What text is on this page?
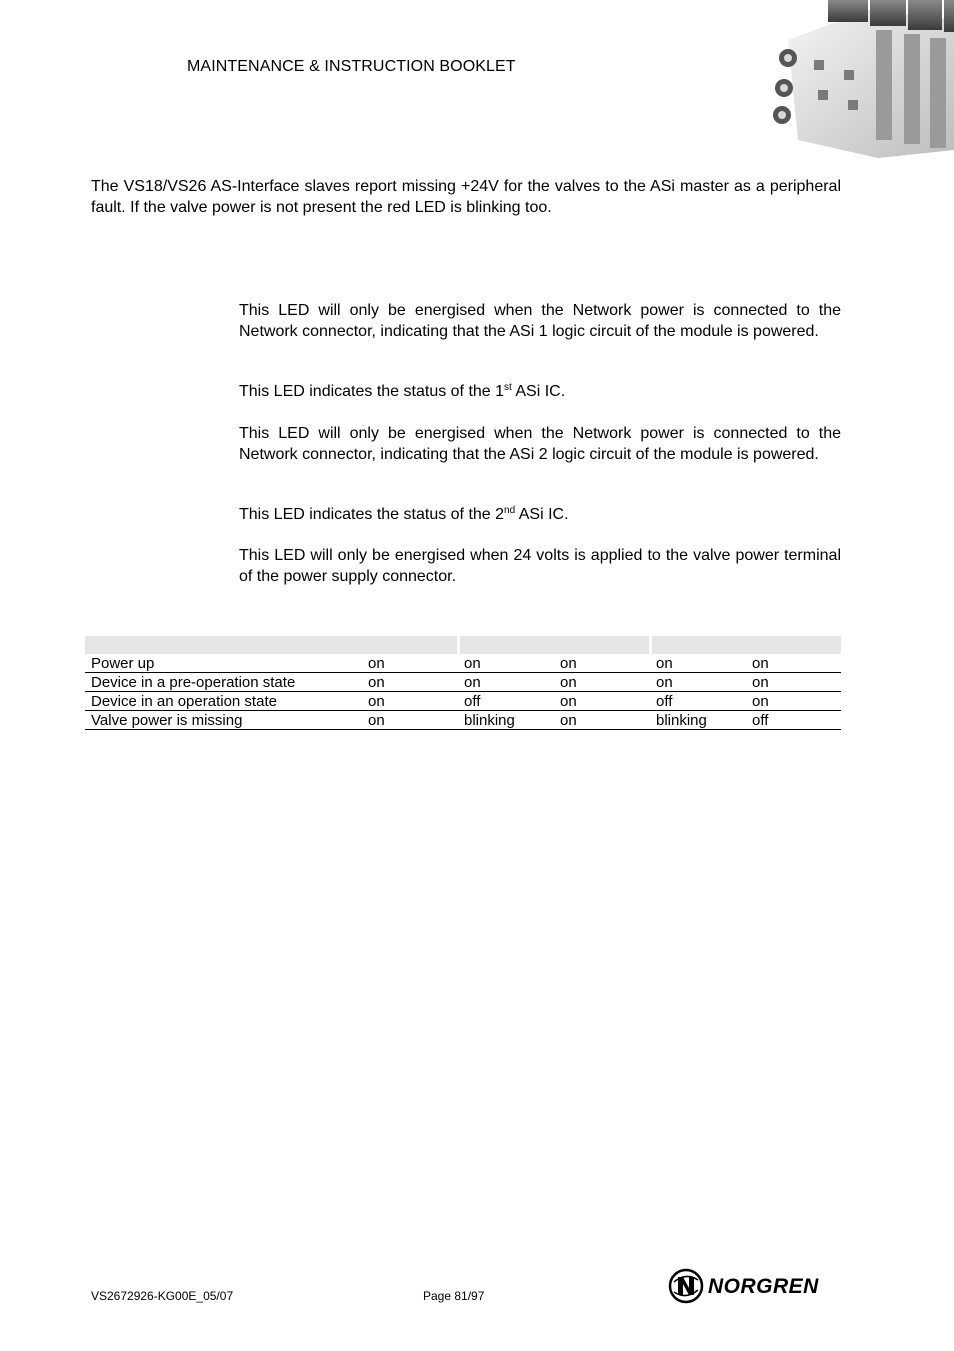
MAINTENANCE & INSTRUCTION BOOKLET
The VS18/VS26 AS-Interface slaves report missing +24V for the valves to the ASi master as a peripheral fault. If the valve power is not present the red LED is blinking too.
This LED will only be energised when the Network power is connected to the Network connector, indicating that the ASi 1 logic circuit of the module is powered.
This LED indicates the status of the 1st ASi IC.
This LED will only be energised when the Network power is connected to the Network connector, indicating that the ASi 2 logic circuit of the module is powered.
This LED indicates the status of the 2nd ASi IC.
This LED will only be energised when 24 volts is applied to the valve power terminal of the power supply connector.

Power up	on	on	on	on	on
Device in a pre-operation state	on	on	on	on	on
Device in an operation state	on	off	on	off	on
Valve power is missing	on	blinking	on	blinking	off
VS2672926-KG00E_05/07	Page 81/97	NORGREN
